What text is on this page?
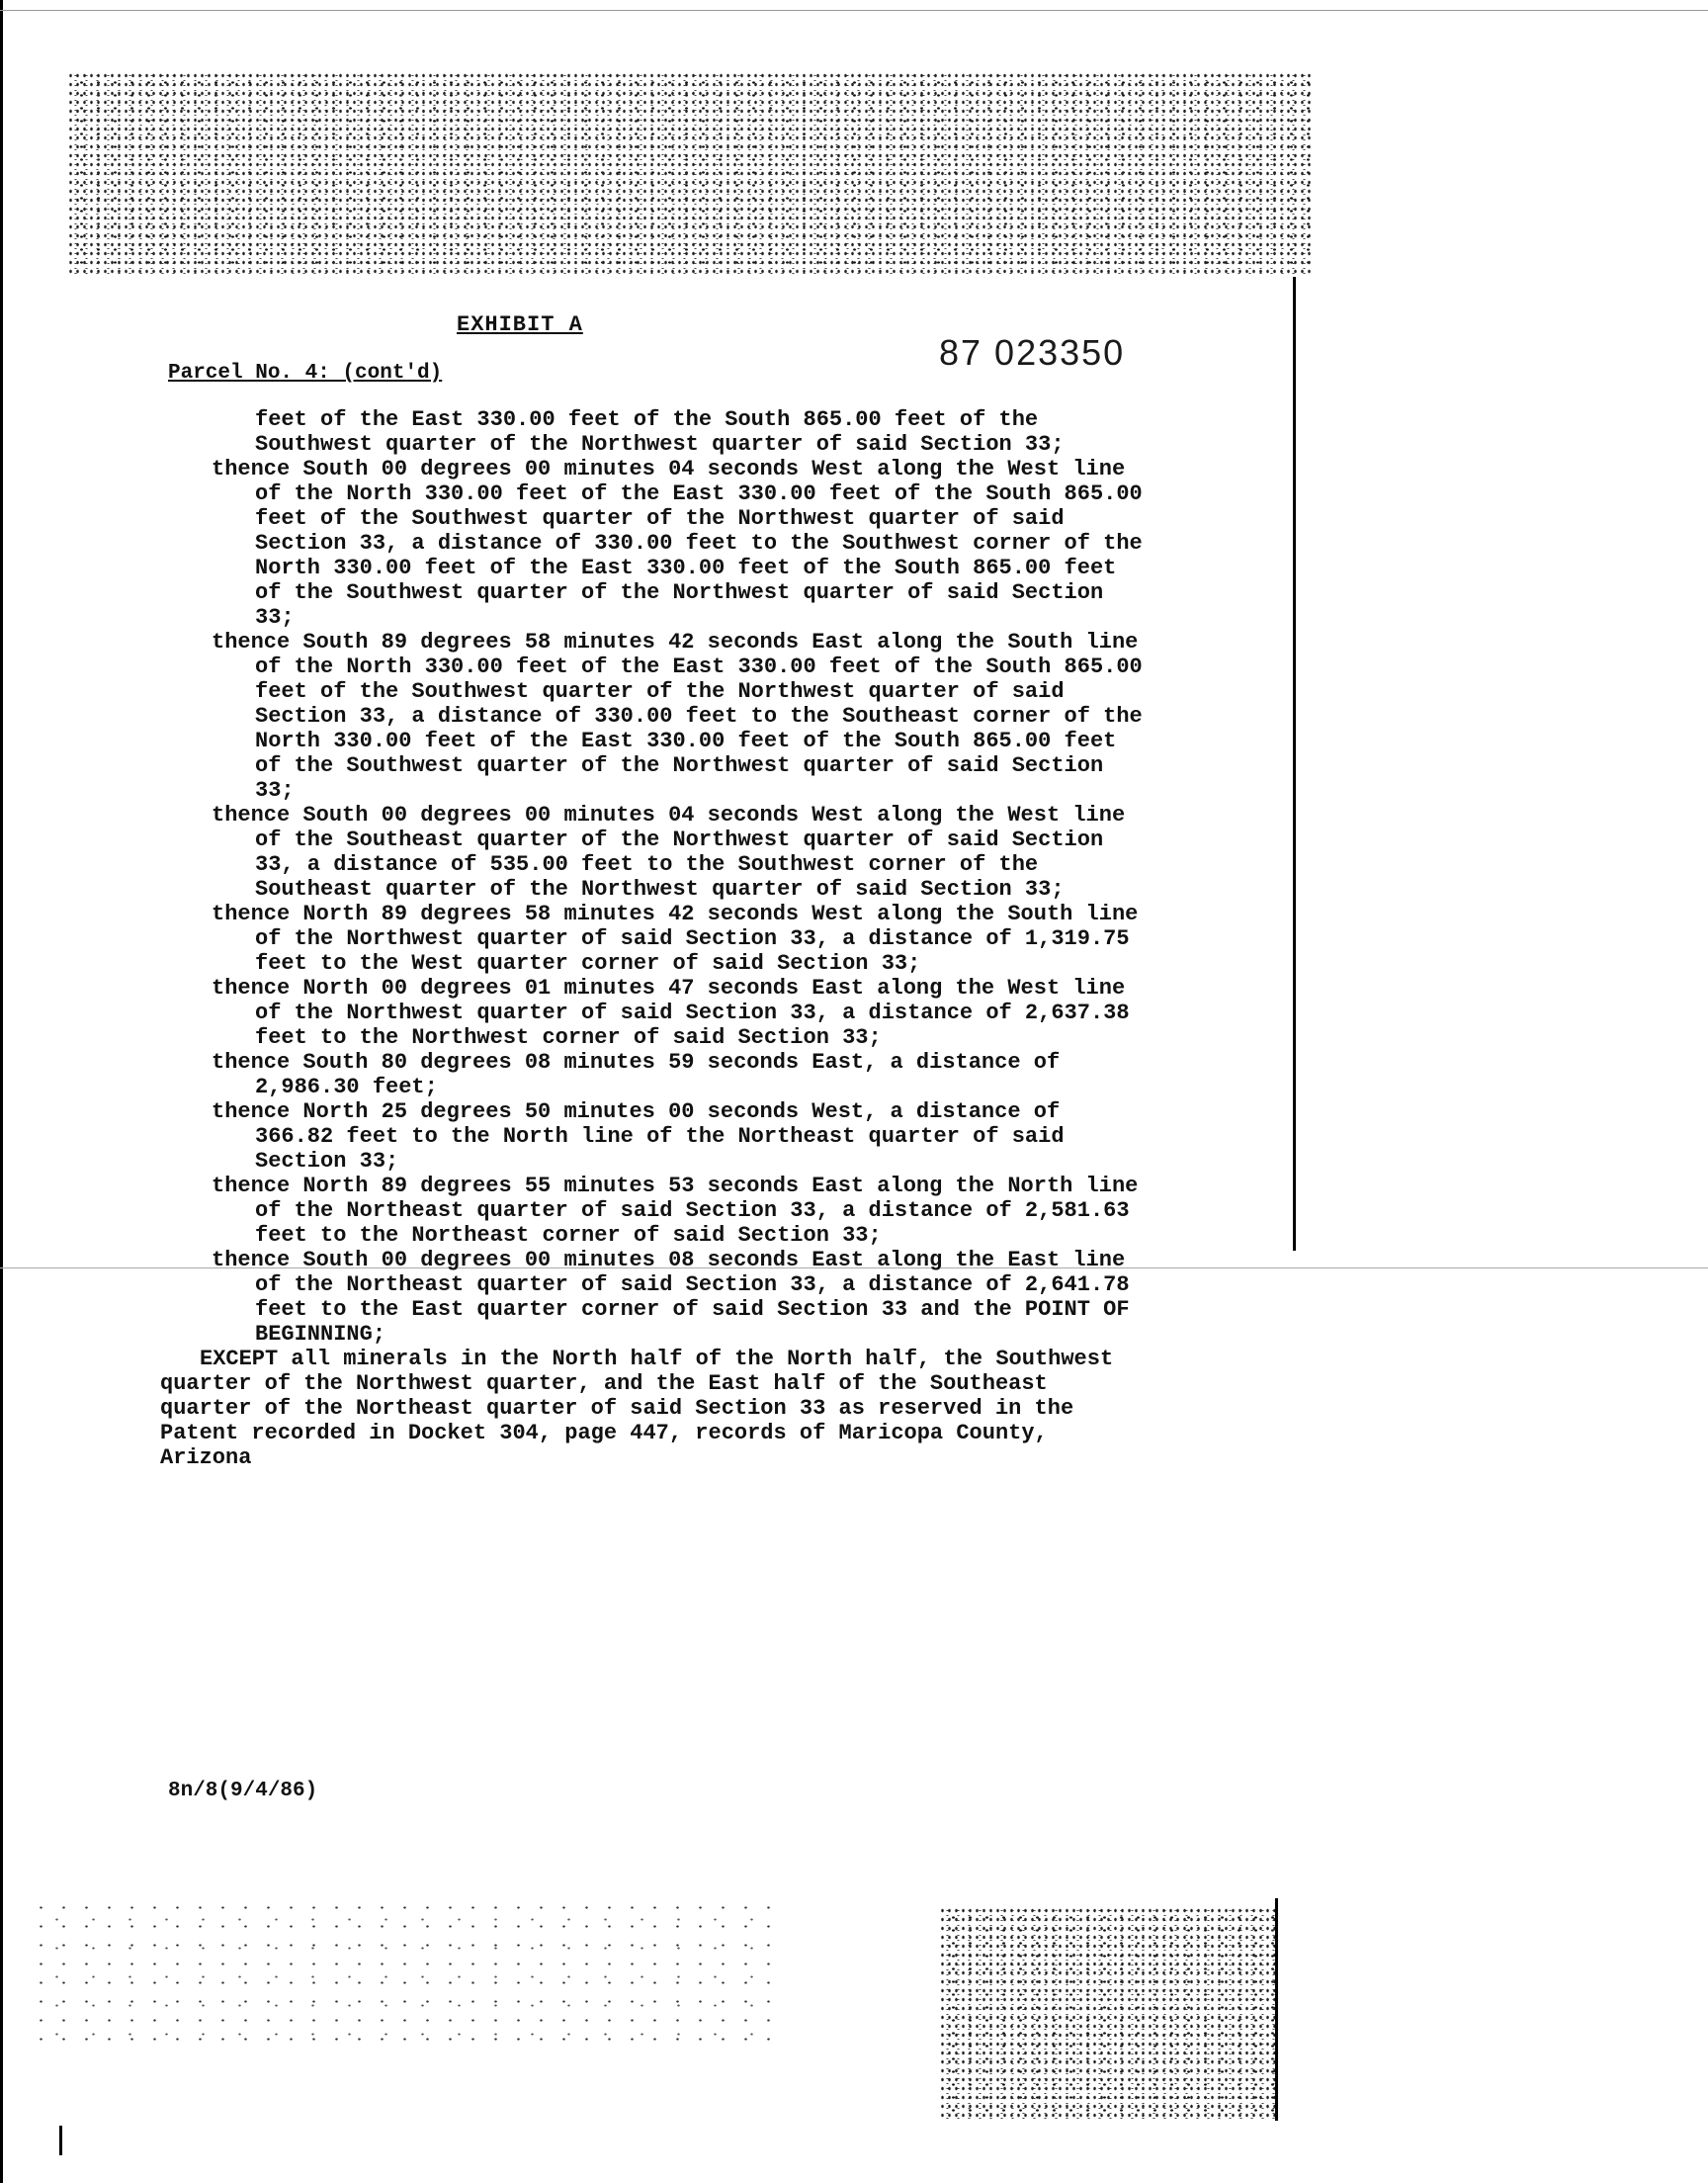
EXHIBIT A
87 023350
Parcel No. 4: (cont'd)

feet of the East 330.00 feet of the South 865.00 feet of the Southwest quarter of the Northwest quarter of said Section 33;

thence South 00 degrees 00 minutes 04 seconds West along the West line of the North 330.00 feet of the East 330.00 feet of the South 865.00 feet of the Southwest quarter of the Northwest quarter of said Section 33, a distance of 330.00 feet to the Southwest corner of the North 330.00 feet of the East 330.00 feet of the South 865.00 feet of the Southwest quarter of the Northwest quarter of said Section 33;

thence South 89 degrees 58 minutes 42 seconds East along the South line of the North 330.00 feet of the East 330.00 feet of the South 865.00 feet of the Southwest quarter of the Northwest quarter of said Section 33, a distance of 330.00 feet to the Southeast corner of the North 330.00 feet of the East 330.00 feet of the South 865.00 feet of the Southwest quarter of the Northwest quarter of said Section 33;

thence South 00 degrees 00 minutes 04 seconds West along the West line of the Southeast quarter of the Northwest quarter of said Section 33, a distance of 535.00 feet to the Southwest corner of the Southeast quarter of the Northwest quarter of said Section 33;

thence North 89 degrees 58 minutes 42 seconds West along the South line of the Northwest quarter of said Section 33, a distance of 1,319.75 feet to the West quarter corner of said Section 33;

thence North 00 degrees 01 minutes 47 seconds East along the West line of the Northwest quarter of said Section 33, a distance of 2,637.38 feet to the Northwest corner of said Section 33;

thence South 80 degrees 08 minutes 59 seconds East, a distance of 2,986.30 feet;

thence North 25 degrees 50 minutes 00 seconds West, a distance of 366.82 feet to the North line of the Northeast quarter of said Section 33;

thence North 89 degrees 55 minutes 53 seconds East along the North line of the Northeast quarter of said Section 33, a distance of 2,581.63 feet to the Northeast corner of said Section 33;

thence South 00 degrees 00 minutes 08 seconds East along the East line of the Northeast quarter of said Section 33, a distance of 2,641.78 feet to the East quarter corner of said Section 33 and the POINT OF BEGINNING;

EXCEPT all minerals in the North half of the North half, the Southwest quarter of the Northwest quarter, and the East half of the Southeast quarter of the Northeast quarter of said Section 33 as reserved in the Patent recorded in Docket 304, page 447, records of Maricopa County, Arizona

8n/8(9/4/86)
